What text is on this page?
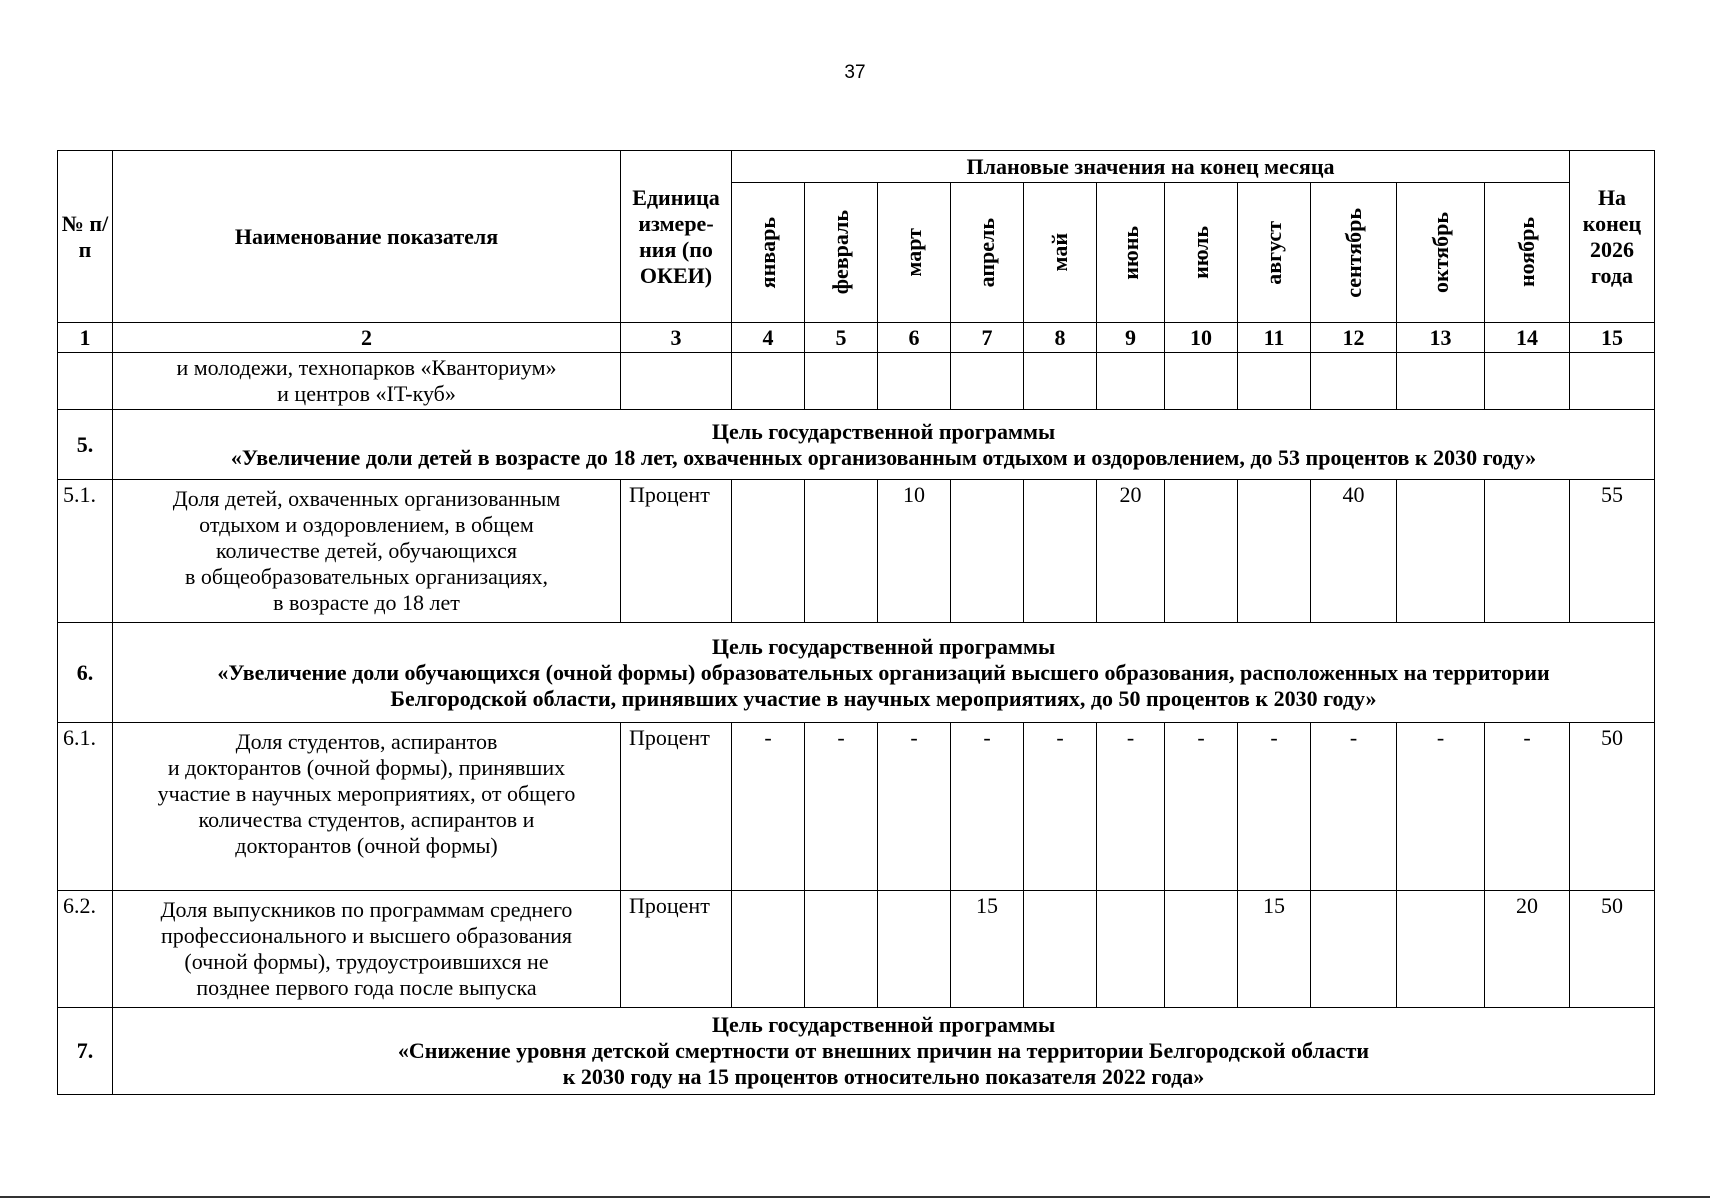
37
№ п/п	Наименование показателя	Единица измере-ния (по ОКЕИ)	Плановые значения на конец месяца											На конец 2026 года

			январь	февраль	март	апрель	май	июнь	июль	август	сентябрь	октябрь	ноябрь	

1	2	3	4	5	6	7	8	9	10	11	12	13	14	15

	и молодежи, технопарков «Кванториум»
и центров «IT-куб»													

5.	Цель государственной программы
«Увеличение доли детей в возрасте до 18 лет, охваченных организованным отдыхом и оздоровлением, до 53 процентов к 2030 году»													

5.1.	Доля детей, охваченных организованным
отдыхом и оздоровлением, в общем
количестве детей, обучающихся
в общеобразовательных организациях,
в возрасте до 18 лет	Процент			10			20			40			55
6.	Цель государственной программы
«Увеличение доли обучающихся (очной формы) образовательных организаций высшего образования, расположенных на территории
Белгородской области, принявших участие в научных мероприятиях, до 50 процентов к 2030 году»													

6.1.	Доля студентов, аспирантов
и докторантов (очной формы), принявших
участие в научных мероприятиях, от общего
количества студентов, аспирантов и
докторантов (очной формы)	Процент	-	-	-	-	-	-	-	-	-	-	-	50
6.2.	Доля выпускников по программам среднего
профессионального и высшего образования
(очной формы), трудоустроившихся не
позднее первого года после выпуска	Процент				15				15			20	50
7.	Цель государственной программы
«Снижение уровня детской смертности от внешних причин на территории Белгородской области
к 2030 году на 15 процентов относительно показателя 2022 года»													
